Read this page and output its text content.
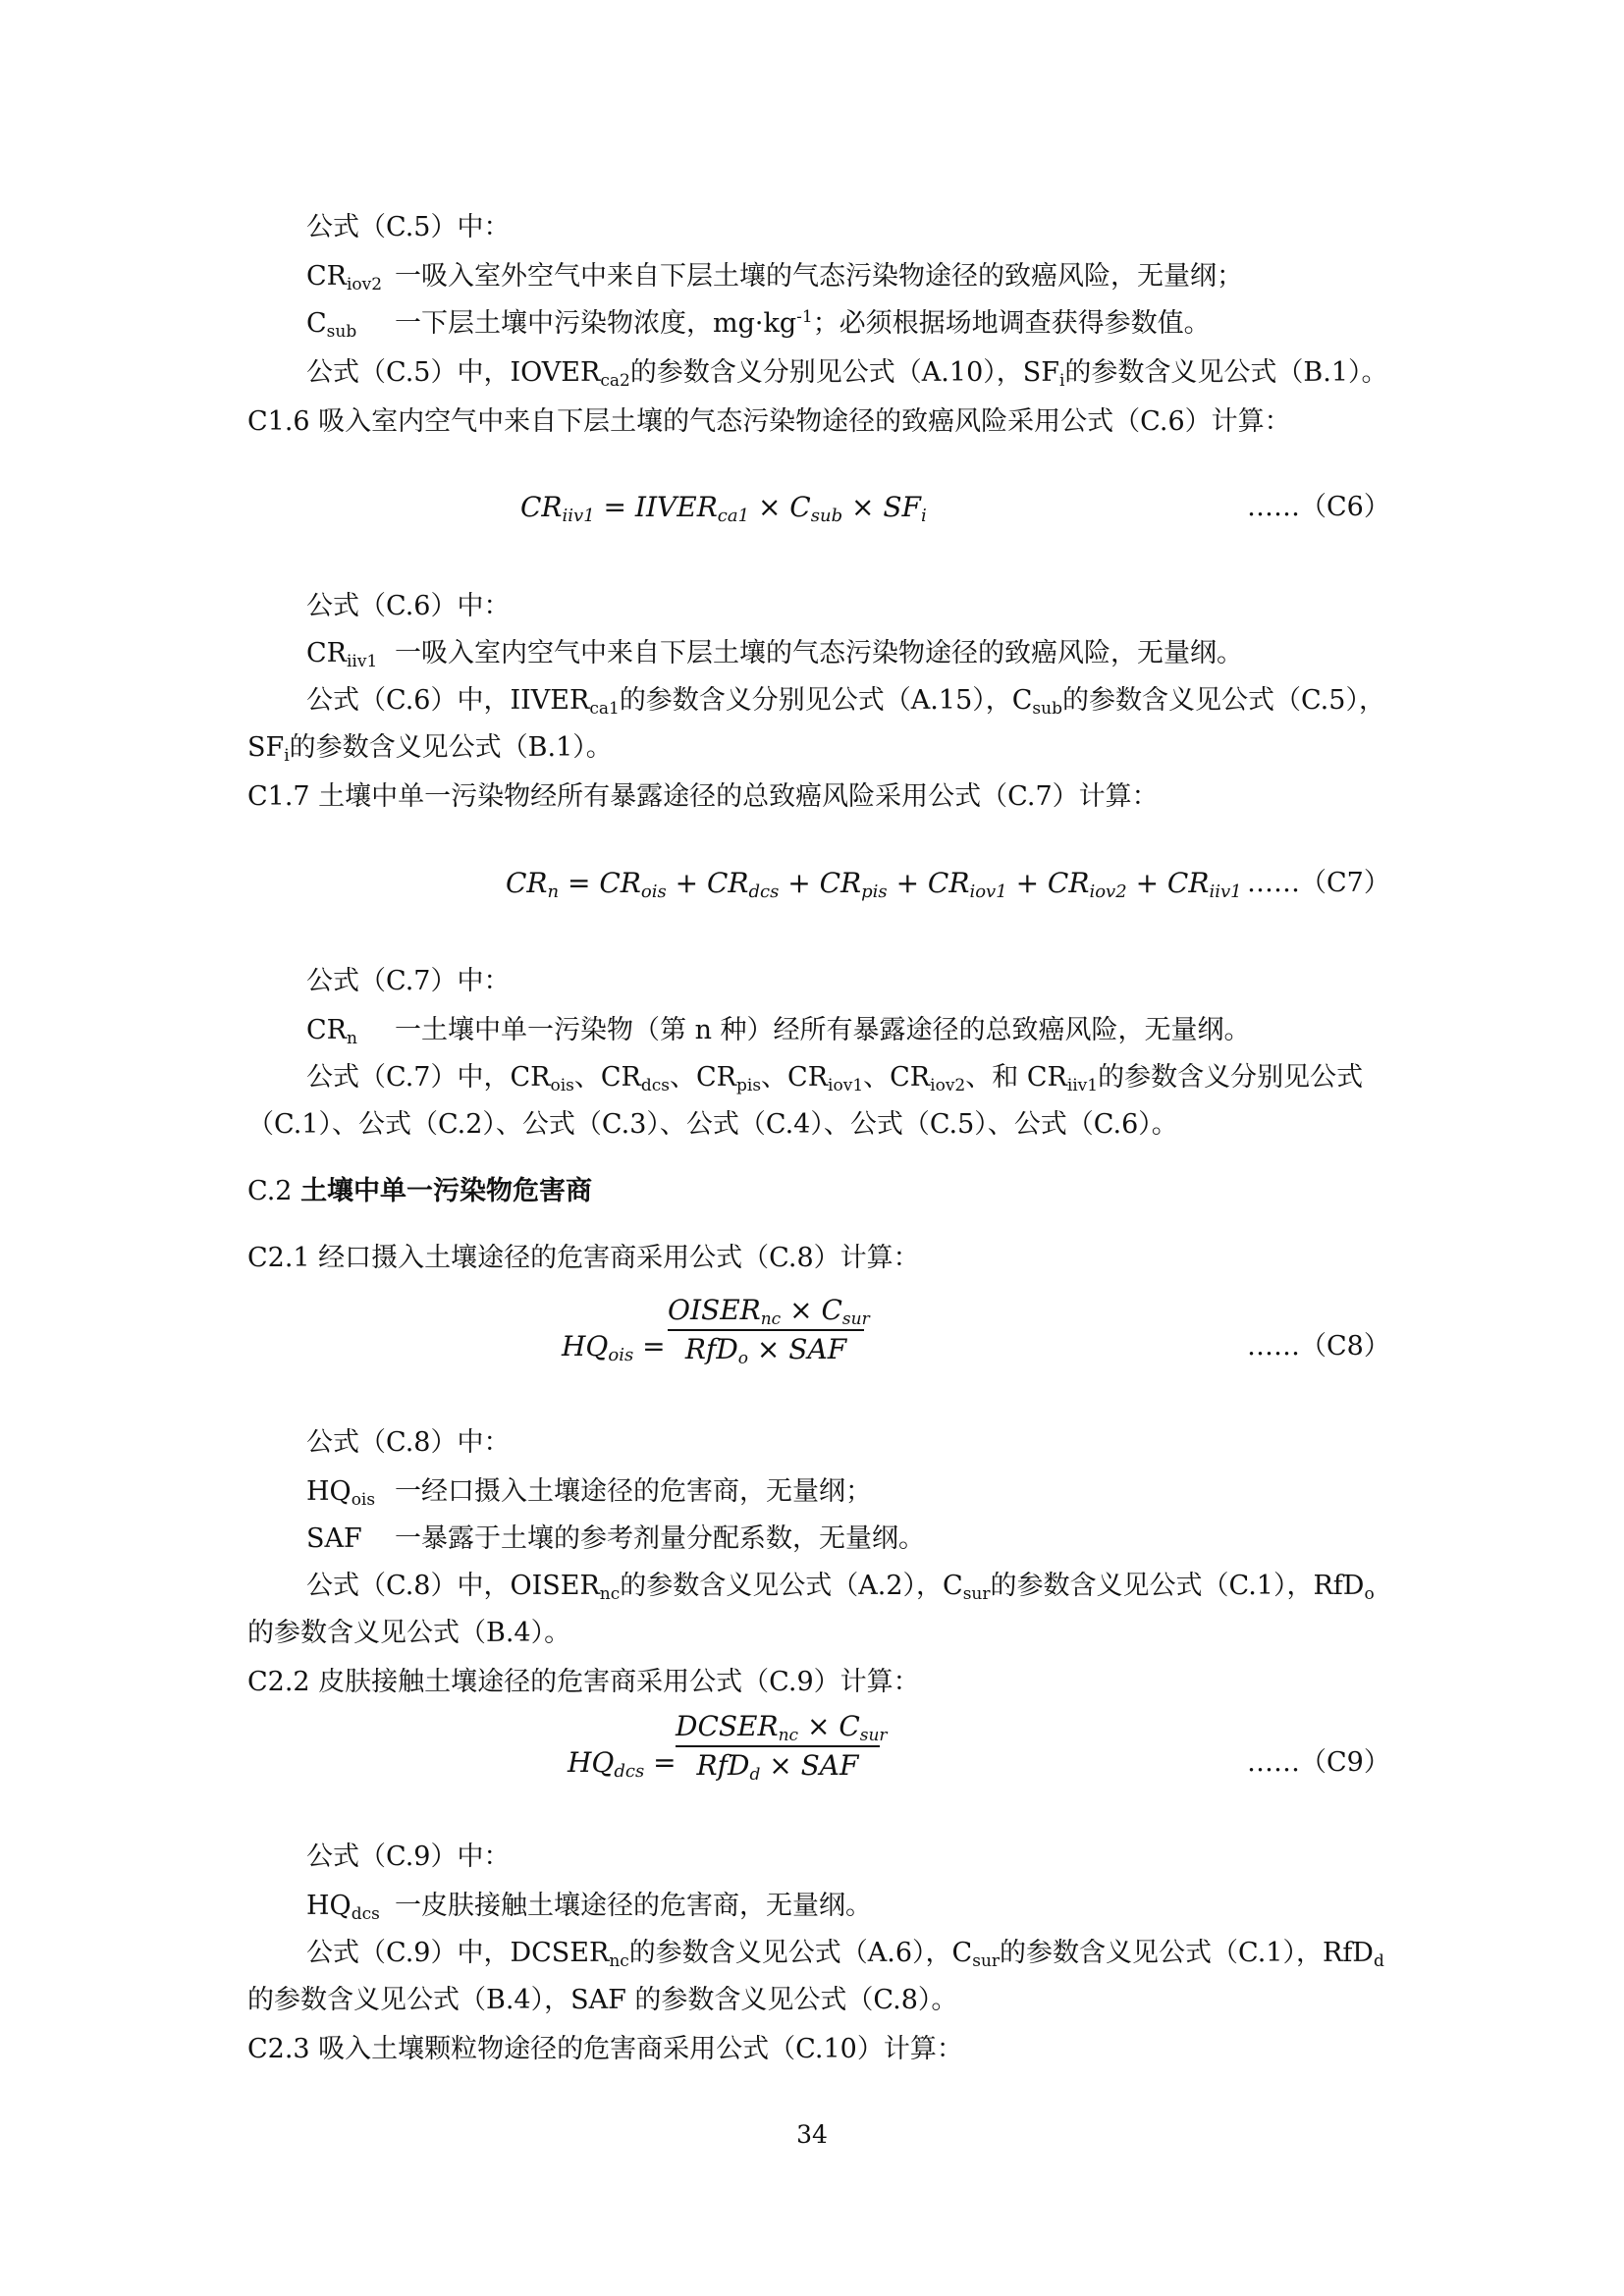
公式（C.5）中：
$CR_{iov2}$ 一吸入室外空气中来自下层土壤的气态污染物途径的致癌风险，无量纲；
$C_{sub}$ 一下层土壤中污染物浓度，$mg\cdot kg^{-1}$；必须根据场地调查获得参数值。
公式（C.5）中，$IOVER_{ca2}$的参数含义分别见公式（A.10），$SF_i$的参数含义见公式（B.1）。
C1.6 吸入室内空气中来自下层土壤的气态污染物途径的致癌风险采用公式（C.6）计算：
$CR_{iiv1}$ = $IIVER_{ca1} \times C_{sub} \times SF_i$	……（C6）
公式（C.6）中：
$CR_{iiv1}$ 一吸入室内空气中来自下层土壤的气态污染物途径的致癌风险，无量纲。
公式（C.6）中，$IIVER_{ca1}$的参数含义分别见公式（A.15），$C_{sub}$的参数含义见公式（C.5），
$SF_i$的参数含义见公式（B.1）。
C1.7 土壤中单一污染物经所有暴露途径的总致癌风险采用公式（C.7）计算：
$CR_n = CR_{ois} + CR_{dcs} + CR_{pis} + CR_{iov1} + CR_{iov2} + CR_{iiv1}$ ……（C7）
公式（C.7）中：
$CR_n$ 一土壤中单一污染物（第 n 种）经所有暴露途径的总致癌风险，无量纲。
公式（C.7）中，$CR_{ois}$、$CR_{dcs}$、$CR_{pis}$、$CR_{iov1}$、$CR_{iov2}$、和 $CR_{iiv1}$的参数含义分别见公式
（C.1）、公式（C.2）、公式（C.3）、公式（C.4）、公式（C.5）、公式（C.6）。
C.2 土壤中单一污染物危害商
C2.1 经口摄入土壤途径的危害商采用公式（C.8）计算：
$HQ_{ois}$ =
$OISER_{nc} \times C_{sur}$
RfD$_o$ × SAF	……（C8）
公式（C.8）中：
$HQ_{ois}$ 一经口摄入土壤途径的危害商，无量纲；
SAF 一暴露于土壤的参考剂量分配系数，无量纲。
公式（C.8）中，$OISER_{nc}$的参数含义见公式（A.2），$C_{sur}$的参数含义见公式（C.1），RfD$_o$
的参数含义见公式（B.4）。
C2.2 皮肤接触土壤途径的危害商采用公式（C.9）计算：
$HQ_{dcs}$ =
$DCSER_{nc} \times C_{sur}$
RfD$_d$ × SAF	……（C9）
公式（C.9）中：
$HQ_{dcs}$ 一皮肤接触土壤途径的危害商，无量纲。
公式（C.9）中，$DCSER_{nc}$的参数含义见公式（A.6），$C_{sur}$的参数含义见公式（C.1），RfD$_d$
的参数含义见公式（B.4），SAF 的参数含义见公式（C.8）。
C2.3 吸入土壤颗粒物途径的危害商采用公式（C.10）计算：
34
